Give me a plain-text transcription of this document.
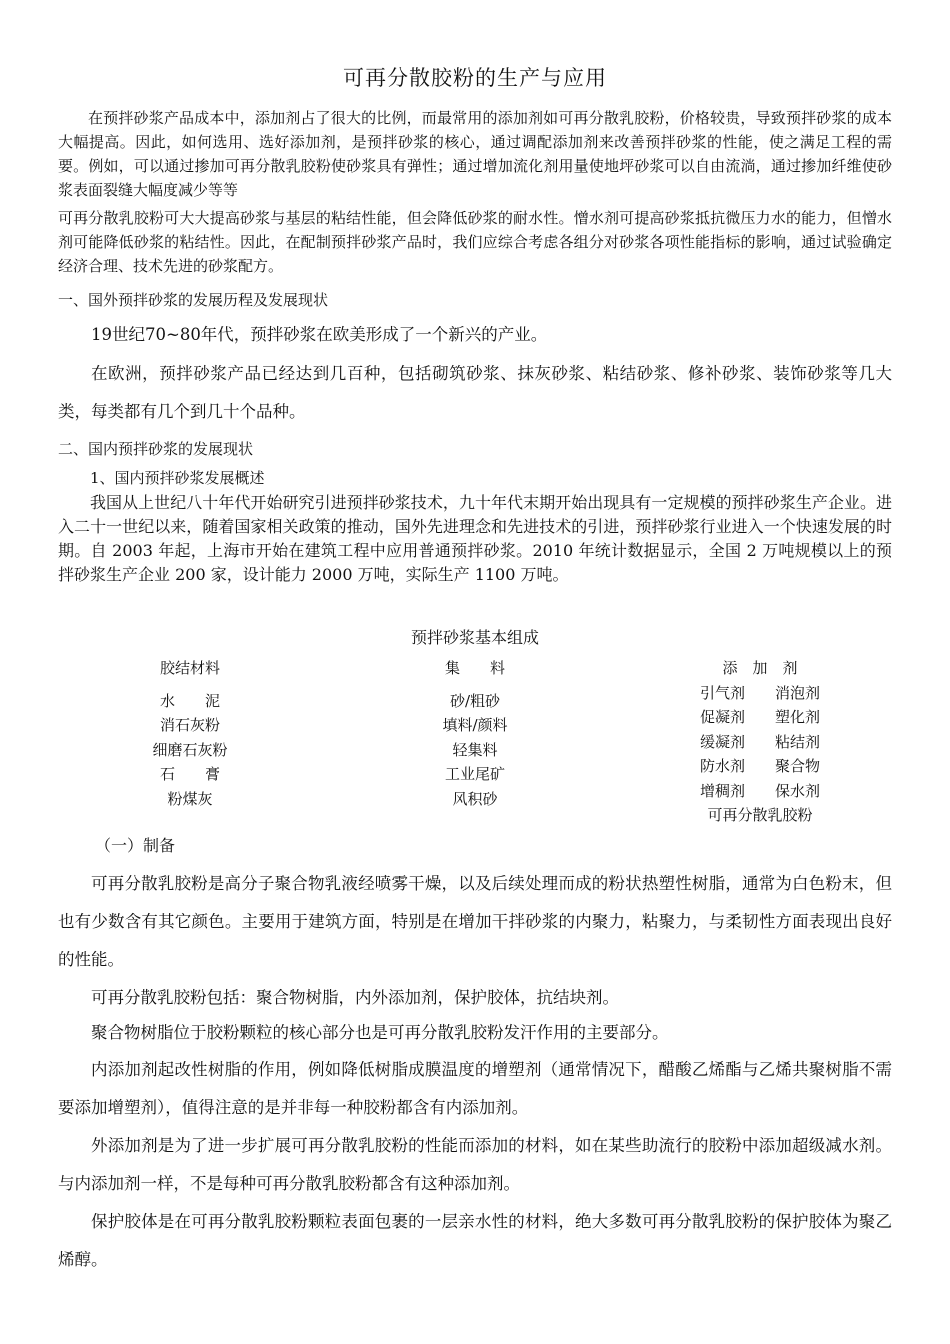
可再分散胶粉的生产与应用

在预拌砂浆产品成本中，添加剂占了很大的比例，而最常用的添加剂如可再分散乳胶粉，价格较贵，导致预拌砂浆的成本大幅提高。因此，如何选用、选好添加剂，是预拌砂浆的核心，通过调配添加剂来改善预拌砂浆的性能，使之满足工程的需要。例如，可以通过掺加可再分散乳胶粉使砂浆具有弹性；通过增加流化剂用量使地坪砂浆可以自由流淌，通过掺加纤维使砂浆表面裂缝大幅度减少等等

可再分散乳胶粉可大大提高砂浆与基层的粘结性能，但会降低砂浆的耐水性。憎水剂可提高砂浆抵抗微压力水的能力，但憎水剂可能降低砂浆的粘结性。因此，在配制预拌砂浆产品时，我们应综合考虑各组分对砂浆各项性能指标的影响，通过试验确定经济合理、技术先进的砂浆配方。

一、国外预拌砂浆的发展历程及发展现状

19世纪70~80年代，预拌砂浆在欧美形成了一个新兴的产业。

在欧洲，预拌砂浆产品已经达到几百种，包括砌筑砂浆、抹灰砂浆、粘结砂浆、修补砂浆、装饰砂浆等几大类，每类都有几个到几十个品种。

二、国内预拌砂浆的发展现状
1、国内预拌砂浆发展概述

我国从上世纪八十年代开始研究引进预拌砂浆技术，九十年代末期开始出现具有一定规模的预拌砂浆生产企业。进入二十一世纪以来，随着国家相关政策的推动，国外先进理念和先进技术的引进，预拌砂浆行业进入一个快速发展的时期。自 2003 年起，上海市开始在建筑工程中应用普通预拌砂浆。2010 年统计数据显示，全国 2 万吨规模以上的预拌砂浆生产企业 200 家，设计能力 2000 万吨，实际生产 1100 万吨。

预拌砂浆基本组成
胶结材料
水　　泥
消石灰粉
细磨石灰粉
石　　膏
粉煤灰
集　　料
砂/粗砂
填料/颜料
轻集料
工业尾矿
风积砂
添　加　剂
引气剂　　消泡剂
促凝剂　　塑化剂
缓凝剂　　粘结剂
防水剂　　聚合物
增稠剂　　保水剂
可再分散乳胶粉
（一）制备

可再分散乳胶粉是高分子聚合物乳液经喷雾干燥，以及后续处理而成的粉状热塑性树脂，通常为白色粉末，但也有少数含有其它颜色。主要用于建筑方面，特别是在增加干拌砂浆的内聚力，粘聚力，与柔韧性方面表现出良好的性能。

可再分散乳胶粉包括：聚合物树脂，内外添加剂，保护胶体，抗结块剂。

聚合物树脂位于胶粉颗粒的核心部分也是可再分散乳胶粉发汗作用的主要部分。

内添加剂起改性树脂的作用，例如降低树脂成膜温度的增塑剂（通常情况下，醋酸乙烯酯与乙烯共聚树脂不需要添加增塑剂），值得注意的是并非每一种胶粉都含有内添加剂。

外添加剂是为了进一步扩展可再分散乳胶粉的性能而添加的材料，如在某些助流行的胶粉中添加超级减水剂。与内添加剂一样，不是每种可再分散乳胶粉都含有这种添加剂。

保护胶体是在可再分散乳胶粉颗粒表面包裹的一层亲水性的材料，绝大多数可再分散乳胶粉的保护胶体为聚乙烯醇。
